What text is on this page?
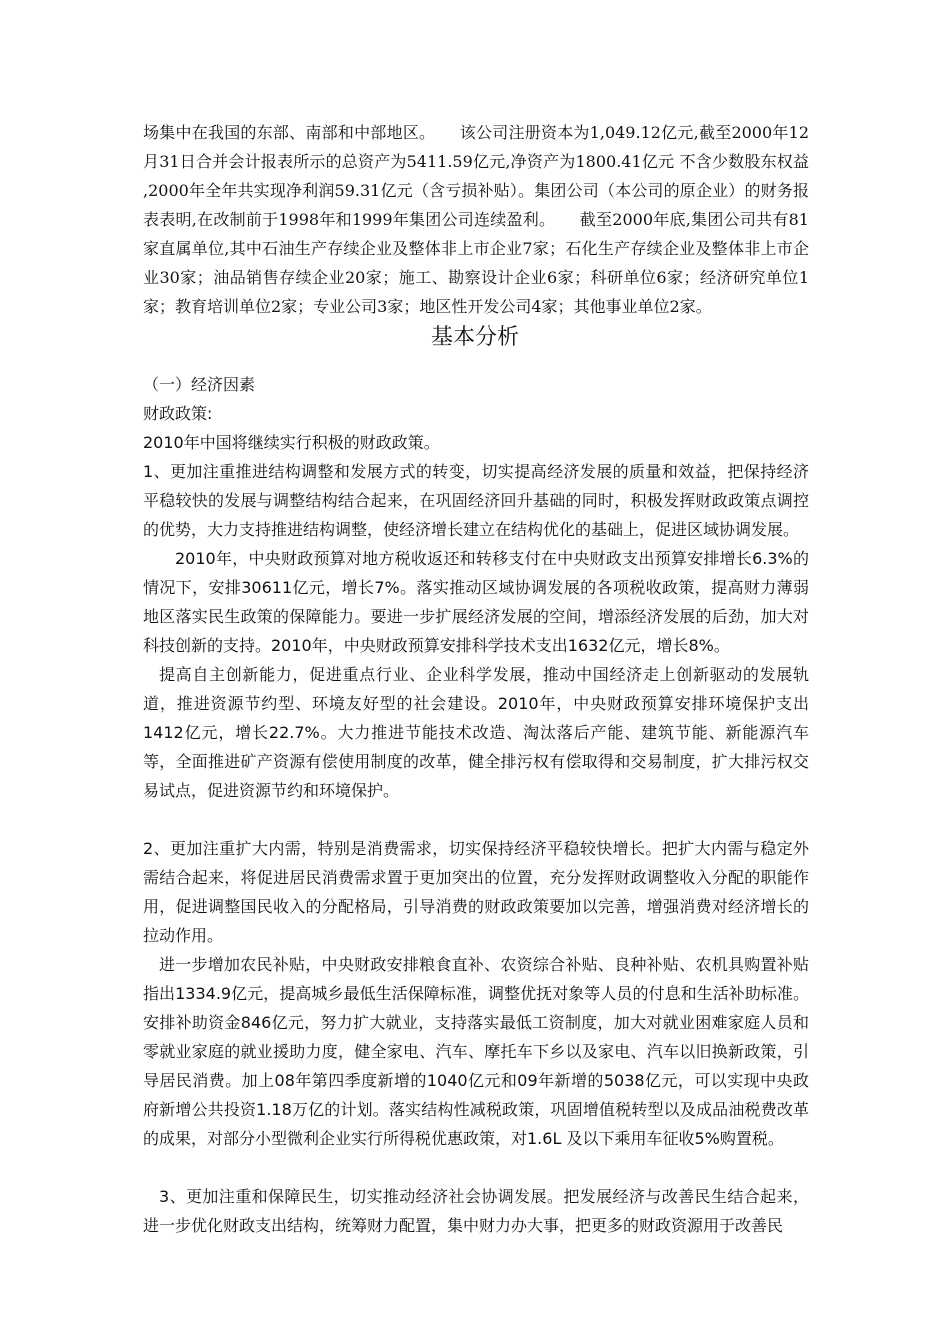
场集中在我国的东部、南部和中部地区。　　该公司注册资本为1,049.12亿元,截至2000年12月31日合并会计报表所示的总资产为5411.59亿元,净资产为1800.41亿元 不含少数股东权益 ,2000年全年共实现净利润59.31亿元（含亏损补贴）。集团公司（本公司的原企业）的财务报表表明,在改制前于1998年和1999年集团公司连续盈利。　　截至2000年底,集团公司共有81家直属单位,其中石油生产存续企业及整体非上市企业7家；石化生产存续企业及整体非上市企业30家；油品销售存续企业20家；施工、勘察设计企业6家；科研单位6家；经济研究单位1家；教育培训单位2家；专业公司3家；地区性开发公司4家；其他事业单位2家。

基本分析

（一）经济因素

财政政策:

2010年中国将继续实行积极的财政政策。

1、更加注重推进结构调整和发展方式的转变，切实提高经济发展的质量和效益，把保持经济平稳较快的发展与调整结构结合起来，在巩固经济回升基础的同时，积极发挥财政政策点调控的优势，大力支持推进结构调整，使经济增长建立在结构优化的基础上，促进区域协调发展。

2010年，中央财政预算对地方税收返还和转移支付在中央财政支出预算安排增长6.3%的情况下，安排30611亿元，增长7%。落实推动区域协调发展的各项税收政策，提高财力薄弱地区落实民生政策的保障能力。要进一步扩展经济发展的空间，增添经济发展的后劲，加大对科技创新的支持。2010年，中央财政预算安排科学技术支出1632亿元，增长8%。

提高自主创新能力，促进重点行业、企业科学发展，推动中国经济走上创新驱动的发展轨道，推进资源节约型、环境友好型的社会建设。2010年，中央财政预算安排环境保护支出1412亿元，增长22.7%。大力推进节能技术改造、淘汰落后产能、建筑节能、新能源汽车等，全面推进矿产资源有偿使用制度的改革，健全排污权有偿取得和交易制度，扩大排污权交易试点，促进资源节约和环境保护。

2、更加注重扩大内需，特别是消费需求，切实保持经济平稳较快增长。把扩大内需与稳定外需结合起来，将促进居民消费需求置于更加突出的位置，充分发挥财政调整收入分配的职能作用，促进调整国民收入的分配格局，引导消费的财政政策要加以完善，增强消费对经济增长的拉动作用。

进一步增加农民补贴，中央财政安排粮食直补、农资综合补贴、良种补贴、农机具购置补贴指出1334.9亿元，提高城乡最低生活保障标准，调整优抚对象等人员的付息和生活补助标准。安排补助资金846亿元，努力扩大就业，支持落实最低工资制度，加大对就业困难家庭人员和零就业家庭的就业援助力度，健全家电、汽车、摩托车下乡以及家电、汽车以旧换新政策，引导居民消费。加上08年第四季度新增的1040亿元和09年新增的5038亿元，可以实现中央政府新增公共投资1.18万亿的计划。落实结构性减税政策，巩固增值税转型以及成品油税费改革的成果，对部分小型微利企业实行所得税优惠政策，对1.6L 及以下乘用车征收5%购置税。

3、更加注重和保障民生，切实推动经济社会协调发展。把发展经济与改善民生结合起来，进一步优化财政支出结构，统筹财力配置，集中财力办大事，把更多的财政资源用于改善民
